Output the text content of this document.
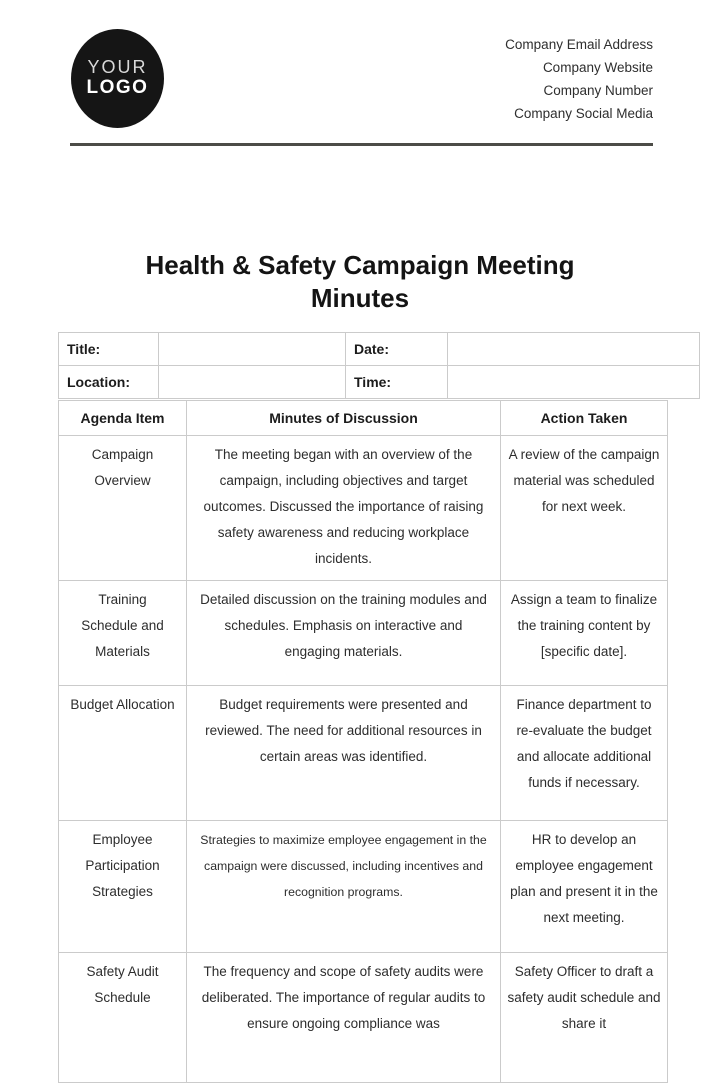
YOUR
LOGO
Company Email Address
Company Website
Company Number
Company Social Media
Health & Safety Campaign Meeting Minutes
Title:		Date:	
Location:		Time:	
Agenda Item	Minutes of Discussion	Action Taken
Campaign Overview	The meeting began with an overview of the campaign, including objectives and target outcomes. Discussed the importance of raising safety awareness and reducing workplace incidents.	A review of the campaign material was scheduled for next week.
Training Schedule and Materials	Detailed discussion on the training modules and schedules. Emphasis on interactive and engaging materials.	Assign a team to finalize the training content by [specific date].
Budget Allocation	Budget requirements were presented and reviewed. The need for additional resources in certain areas was identified.	Finance department to re-evaluate the budget and allocate additional funds if necessary.
Employee Participation Strategies	Strategies to maximize employee engagement in the campaign were discussed, including incentives and recognition programs.	HR to develop an employee engagement plan and present it in the next meeting.
Safety Audit Schedule	The frequency and scope of safety audits were deliberated. The importance of regular audits to ensure ongoing compliance was	Safety Officer to draft a safety audit schedule and share it
